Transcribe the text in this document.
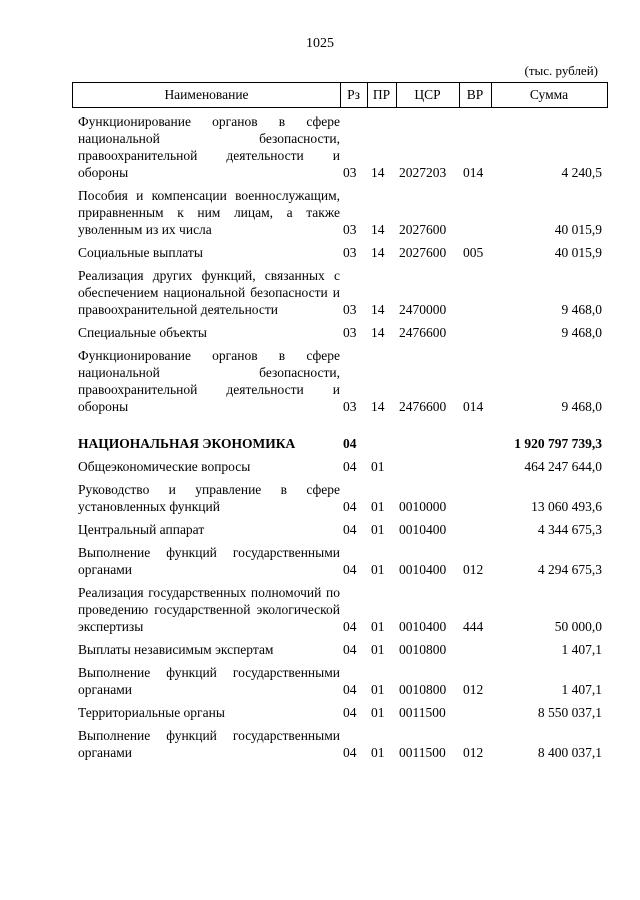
1025
(тыс. рублей)
Наименование	Рз ПР	ЦСР	ВР	Сумма
Функционирование органов в сфере национальной безопасности, правоохранительной деятельности и обороны	03 14 2027203 014	4 240,5
Пособия и компенсации военнослужащим, приравненным к ним лицам, а также уволенным из их числа	03 14 2027600	40 015,9
Социальные выплаты	03 14 2027600 005	40 015,9
Реализация других функций, связанных с обеспечением национальной безопасности и правоохранительной деятельности	03 14 2470000	9 468,0
Специальные объекты	03 14 2476600	9 468,0
Функционирование органов в сфере национальной безопасности, правоохранительной деятельности и обороны	03 14 2476600 014	9 468,0
НАЦИОНАЛЬНАЯ ЭКОНОМИКА	04	1 920 797 739,3
Общеэкономические вопросы	04 01	464 247 644,0
Руководство и управление в сфере установленных функций	04 01 0010000	13 060 493,6
Центральный аппарат	04 01 0010400	4 344 675,3
Выполнение функций государственными органами	04 01 0010400 012	4 294 675,3
Реализация государственных полномочий по проведению государственной экологической экспертизы	04 01 0010400 444	50 000,0
Выплаты независимым экспертам	04 01 0010800	1 407,1
Выполнение функций государственными органами	04 01 0010800 012	1 407,1
Территориальные органы	04 01 0011500	8 550 037,1
Выполнение функций государственными органами	04 01 0011500 012	8 400 037,1
